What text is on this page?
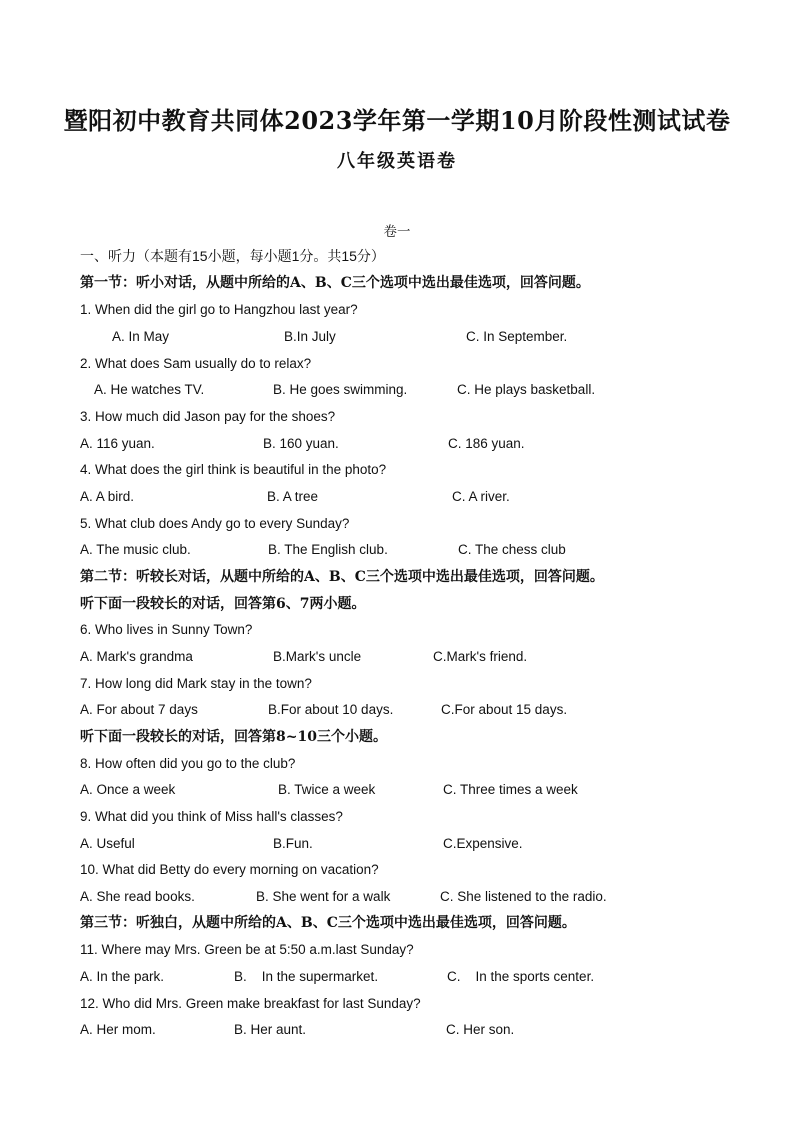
暨阳初中教育共同体2023学年第一学期10月阶段性测试试卷
八年级英语卷
卷一
一、听力（本题有15小题，每小题1分。共15分）
第一节：听小对话，从题中所给的A、B、C三个选项中选出最佳选项，回答问题。
1. When did the girl go to Hangzhou last year?
A. In May	B.In July	C. In September.
2. What does Sam usually do to relax?
A. He watches TV.	B. He goes swimming.	C. He plays basketball.
3. How much did Jason pay for the shoes?
A. 116 yuan.	B. 160 yuan.	C. 186 yuan.
4. What does the girl think is beautiful in the photo?
A. A bird.	B. A tree	C. A river.
5. What club does Andy go to every Sunday?
A. The music club.	B. The English club.	C. The chess club
第二节：听较长对话，从题中所给的A、B、C三个选项中选出最佳选项，回答问题。
听下面一段较长的对话，回答第6、7两小题。
6. Who lives in Sunny Town?
A. Mark's grandma	B.Mark's uncle	C.Mark's friend.
7. How long did Mark stay in the town?
A. For about 7 days	B.For about 10 days.	C.For about 15 days.
听下面一段较长的对话，回答第8~10三个小题。
8. How often did you go to the club?
A. Once a week	B. Twice a week	C. Three times a week
9. What did you think of Miss hall's classes?
A. Useful	B.Fun.	C.Expensive.
10. What did Betty do every morning on vacation?
A. She read books.	B. She went for a walk	C. She listened to the radio.
第三节：听独白，从题中所给的A、B、C三个选项中选出最佳选项，回答问题。
11. Where may Mrs. Green be at 5:50 a.m.last Sunday?
A. In the park.	B.    In the supermarket.	C.    In the sports center.
12. Who did Mrs. Green make breakfast for last Sunday?
A. Her mom.	B. Her aunt.	C. Her son.
